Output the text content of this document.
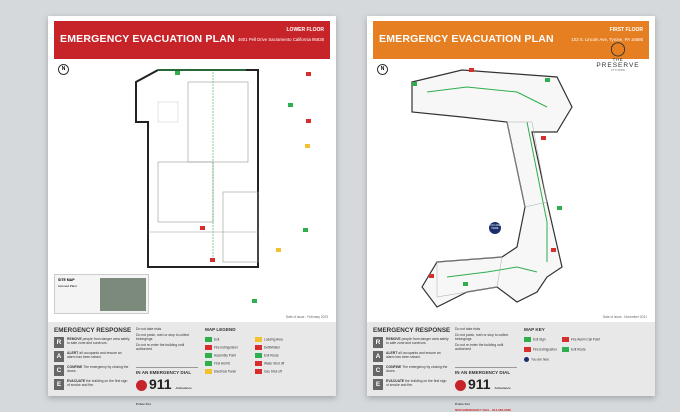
EMERGENCY EVACUATION PLAN
LOWER FLOOR
4601 Pell Drive Sacramento California 95838
N
SITE MAP
Acumed Plant
Date of issue - February 2023
EMERGENCY RESPONSE
R	REMOVE people from danger area safely to safe zone and survivors.
A	ALERT all occupants and ensure an alarm has been raised.
C	CONFINE The emergency by closing the doors.
E	EVACUATE the building on the first sign of smoke and fire.
Do not take risks
Do not panic, rush or stop to collect belongings
Do not re-enter the building until authorized
IN AN EMERGENCY DIAL
911 Ambulance Police Fire
MAP LEGEND
Exit
Fire Extinguisher
Assembly Point
First Aid Kit
Electrical Panel
Loading Area
Defibrillator
Exit Route
Water Shut off
Gas Shut off
EMERGENCY EVACUATION PLAN
FIRST FLOOR
103 S. Lincoln Ave, Tyrone, PA 16686
N
◯
THE
PRESERVE
AT TYRONE
YOU ARE HERE
Date of issue - November 2021
EMERGENCY RESPONSE
R	REMOVE people from danger area safely to safe zone and survivors.
A	ALERT all occupants and ensure an alarm has been raised.
C	CONFINE The emergency by closing the doors.
E	EVACUATE the building on the first sign of smoke and fire.
Do not take risks
Do not panic, rush or stop to collect belongings
Do not re-enter the building until authorized
IN AN EMERGENCY DIAL
911 Ambulance Police Fire
NON EMERGENCY DIAL - 814-684-0060
MAP KEY
Exit Sign
Fire Extinguisher
You are here
Fire Alarm Call Point
Exit Route
